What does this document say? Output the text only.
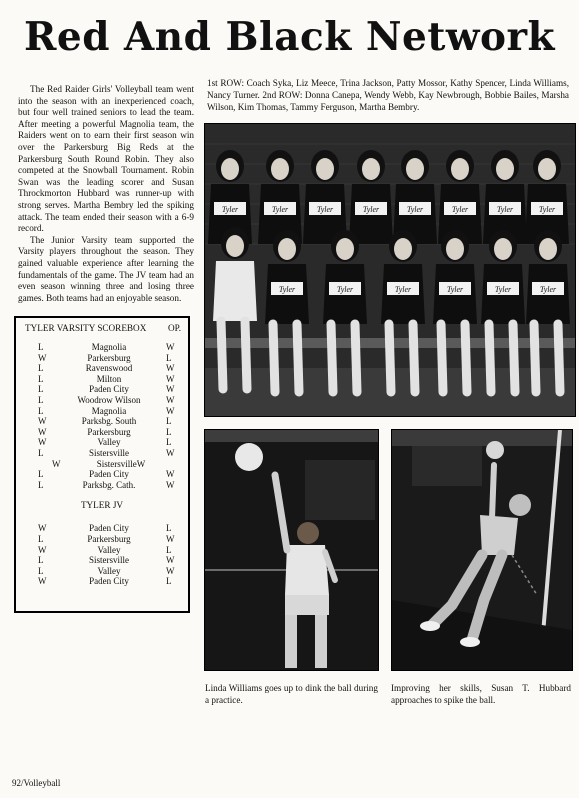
Red And Black Network

The Red Raider Girls' Volleyball team went into the season with an inexperienced coach, but four well trained seniors to lead the team. After meeting a powerful Magnolia team, the Raiders went on to earn their first season win over the Parkersburg Big Reds at the Parkersburg South Round Robin. They also competed at the Snowball Tournament. Robin Swan was the leading scorer and Susan Throckmorton Hubbard was runner-up with strong serves. Martha Bembry led the spiking attack. The team ended their season with a 6-9 record.

The Junior Varsity team supported the Varsity players throughout the season. They gained valuable experience after learning the fundamentals of the game. The JV team had an even season winning three and losing three games. Both teams had an enjoyable season.

1st ROW: Coach Syka, Liz Meece, Trina Jackson, Patty Mossor, Kathy Spencer, Linda Williams, Nancy Turner. 2nd ROW: Donna Canepa, Wendy Webb, Kay Newbrough, Bobbie Bailes, Marsha Wilson, Kim Thomas, Tammy Ferguson, Martha Bembry.
Tyler	Tyler	Tyler	Tyler	Tyler	Tyler	Tyler	Tyler
Tyler	Tyler	Tyler	Tyler	Tyler	Tyler
Linda Williams goes up to dink the ball during a practice.
Improving her skills, Susan T. Hubbard approaches to spike the ball.
TYLER VARSITY SCOREBOX OP.
L	Magnolia	W
W	Parkersburg	L
L	Ravenswood	W
L	Milton	W
L	Paden City	W
L	Woodrow Wilson	W
L	Magnolia	W
W	Parksbg. South	L
W	Parkersburg	L
W	Valley	L
L	Sistersville	W
W	SistersvilleW
L	Paden City	W
L	Parksbg. Cath.	W
TYLER JV
W	Paden City	L
L	Parkersburg	W
W	Valley	L
L	Sistersville	W
L	Valley	W
W	Paden City	L
92/Volleyball
